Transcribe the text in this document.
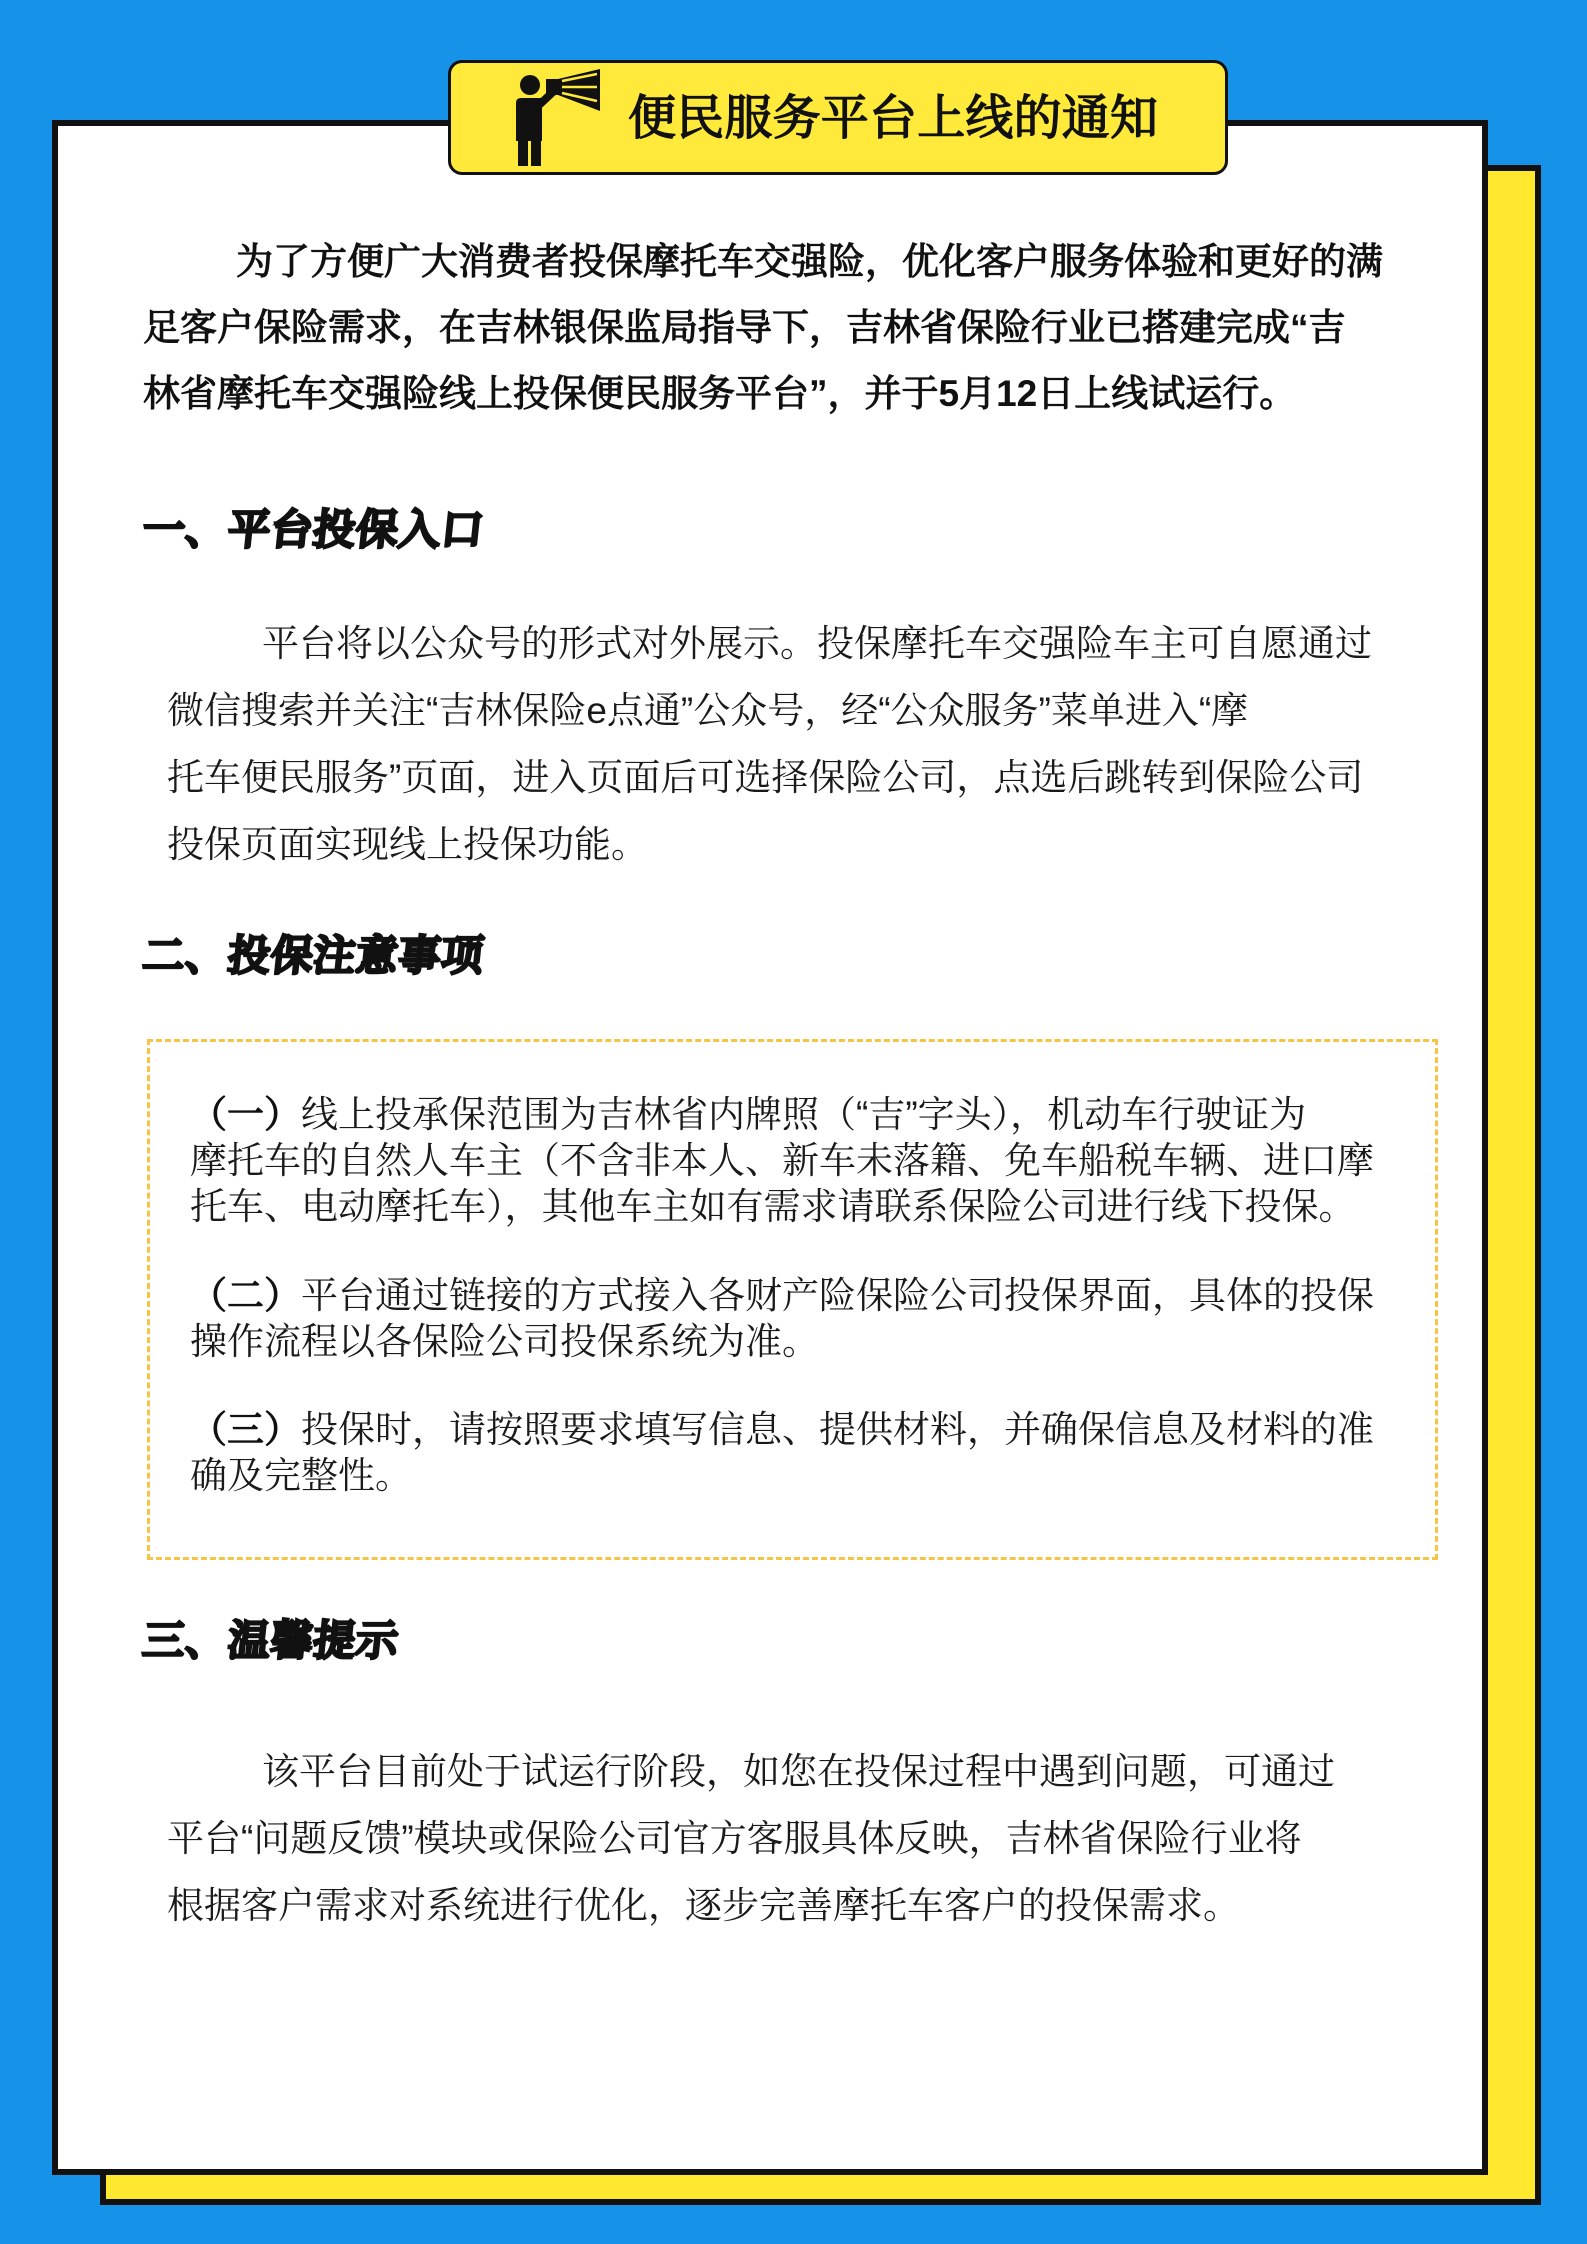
便民服务平台上线的通知
为了方便广大消费者投保摩托车交强险，优化客户服务体验和更好的满
足客户保险需求，在吉林银保监局指导下，吉林省保险行业已搭建完成“吉
林省摩托车交强险线上投保便民服务平台”，并于5月12日上线试运行。
一、平台投保入口
平台将以公众号的形式对外展示。投保摩托车交强险车主可自愿通过
微信搜索并关注“吉林保险e点通”公众号，经“公众服务”菜单进入“摩
托车便民服务”页面，进入页面后可选择保险公司，点选后跳转到保险公司
投保页面实现线上投保功能。
二、投保注意事项
（一）线上投承保范围为吉林省内牌照（“吉”字头），机动车行驶证为
摩托车的自然人车主（不含非本人、新车未落籍、免车船税车辆、进口摩
托车、电动摩托车），其他车主如有需求请联系保险公司进行线下投保。
（二）平台通过链接的方式接入各财产险保险公司投保界面，具体的投保
操作流程以各保险公司投保系统为准。
（三）投保时，请按照要求填写信息、提供材料，并确保信息及材料的准
确及完整性。
三、温馨提示
该平台目前处于试运行阶段，如您在投保过程中遇到问题，可通过
平台“问题反馈”模块或保险公司官方客服具体反映，吉林省保险行业将
根据客户需求对系统进行优化，逐步完善摩托车客户的投保需求。
